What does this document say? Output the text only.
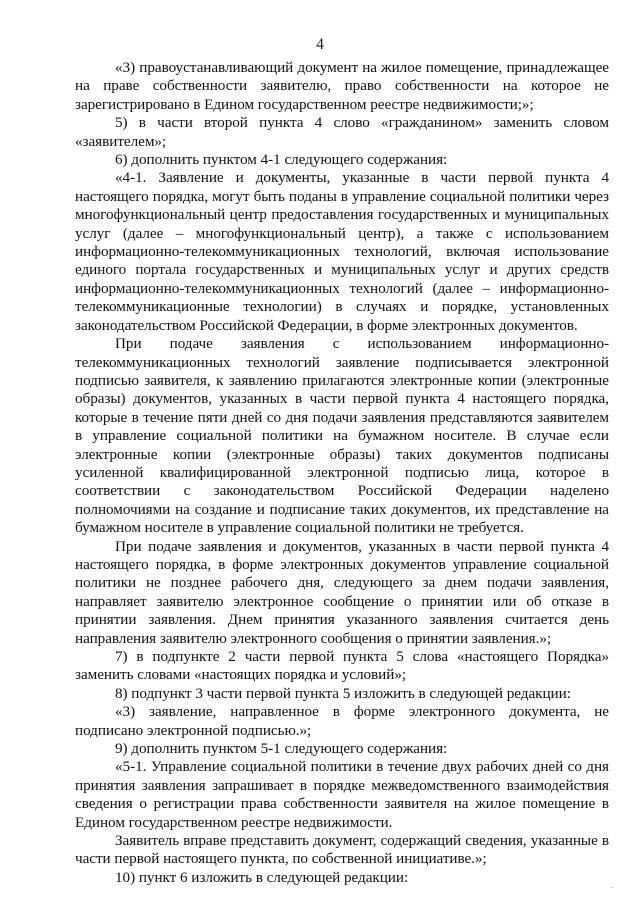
4

«3) правоустанавливающий документ на жилое помещение, принадлежащее на праве собственности заявителю, право собственности на которое не зарегистрировано в Едином государственном реестре недвижимости;»;

5) в части второй пункта 4 слово «гражданином» заменить словом «заявителем»;

6) дополнить пунктом 4-1 следующего содержания:

«4-1. Заявление и документы, указанные в части первой пункта 4 настоящего порядка, могут быть поданы в управление социальной политики через многофункциональный центр предоставления государственных и муниципальных услуг (далее – многофункциональный центр), а также с использованием информационно-телекоммуникационных технологий, включая использование единого портала государственных и муниципальных услуг и других средств информационно-телекоммуникационных технологий (далее – информационно-телекоммуникационные технологии) в случаях и порядке, установленных законодательством Российской Федерации, в форме электронных документов.

При подаче заявления с использованием информационно-телекоммуникационных технологий заявление подписывается электронной подписью заявителя, к заявлению прилагаются электронные копии (электронные образы) документов, указанных в части первой пункта 4 настоящего порядка, которые в течение пяти дней со дня подачи заявления представляются заявителем в управление социальной политики на бумажном носителе. В случае если электронные копии (электронные образы) таких документов подписаны усиленной квалифицированной электронной подписью лица, которое в соответствии с законодательством Российской Федерации наделено полномочиями на создание и подписание таких документов, их представление на бумажном носителе в управление социальной политики не требуется.

При подаче заявления и документов, указанных в части первой пункта 4 настоящего порядка, в форме электронных документов управление социальной политики не позднее рабочего дня, следующего за днем подачи заявления, направляет заявителю электронное сообщение о принятии или об отказе в принятии заявления. Днем принятия указанного заявления считается день направления заявителю электронного сообщения о принятии заявления.»;

7) в подпункте 2 части первой пункта 5 слова «настоящего Порядка» заменить словами «настоящих порядка и условий»;

8) подпункт 3 части первой пункта 5 изложить в следующей редакции:

«3) заявление, направленное в форме электронного документа, не подписано электронной подписью.»;

9) дополнить пунктом 5-1 следующего содержания:

«5-1. Управление социальной политики в течение двух рабочих дней со дня принятия заявления запрашивает в порядке межведомственного взаимодействия сведения о регистрации права собственности заявителя на жилое помещение в Едином государственном реестре недвижимости.

Заявитель вправе представить документ, содержащий сведения, указанные в части первой настоящего пункта, по собственной инициативе.»;

10) пункт 6 изложить в следующей редакции:

·
